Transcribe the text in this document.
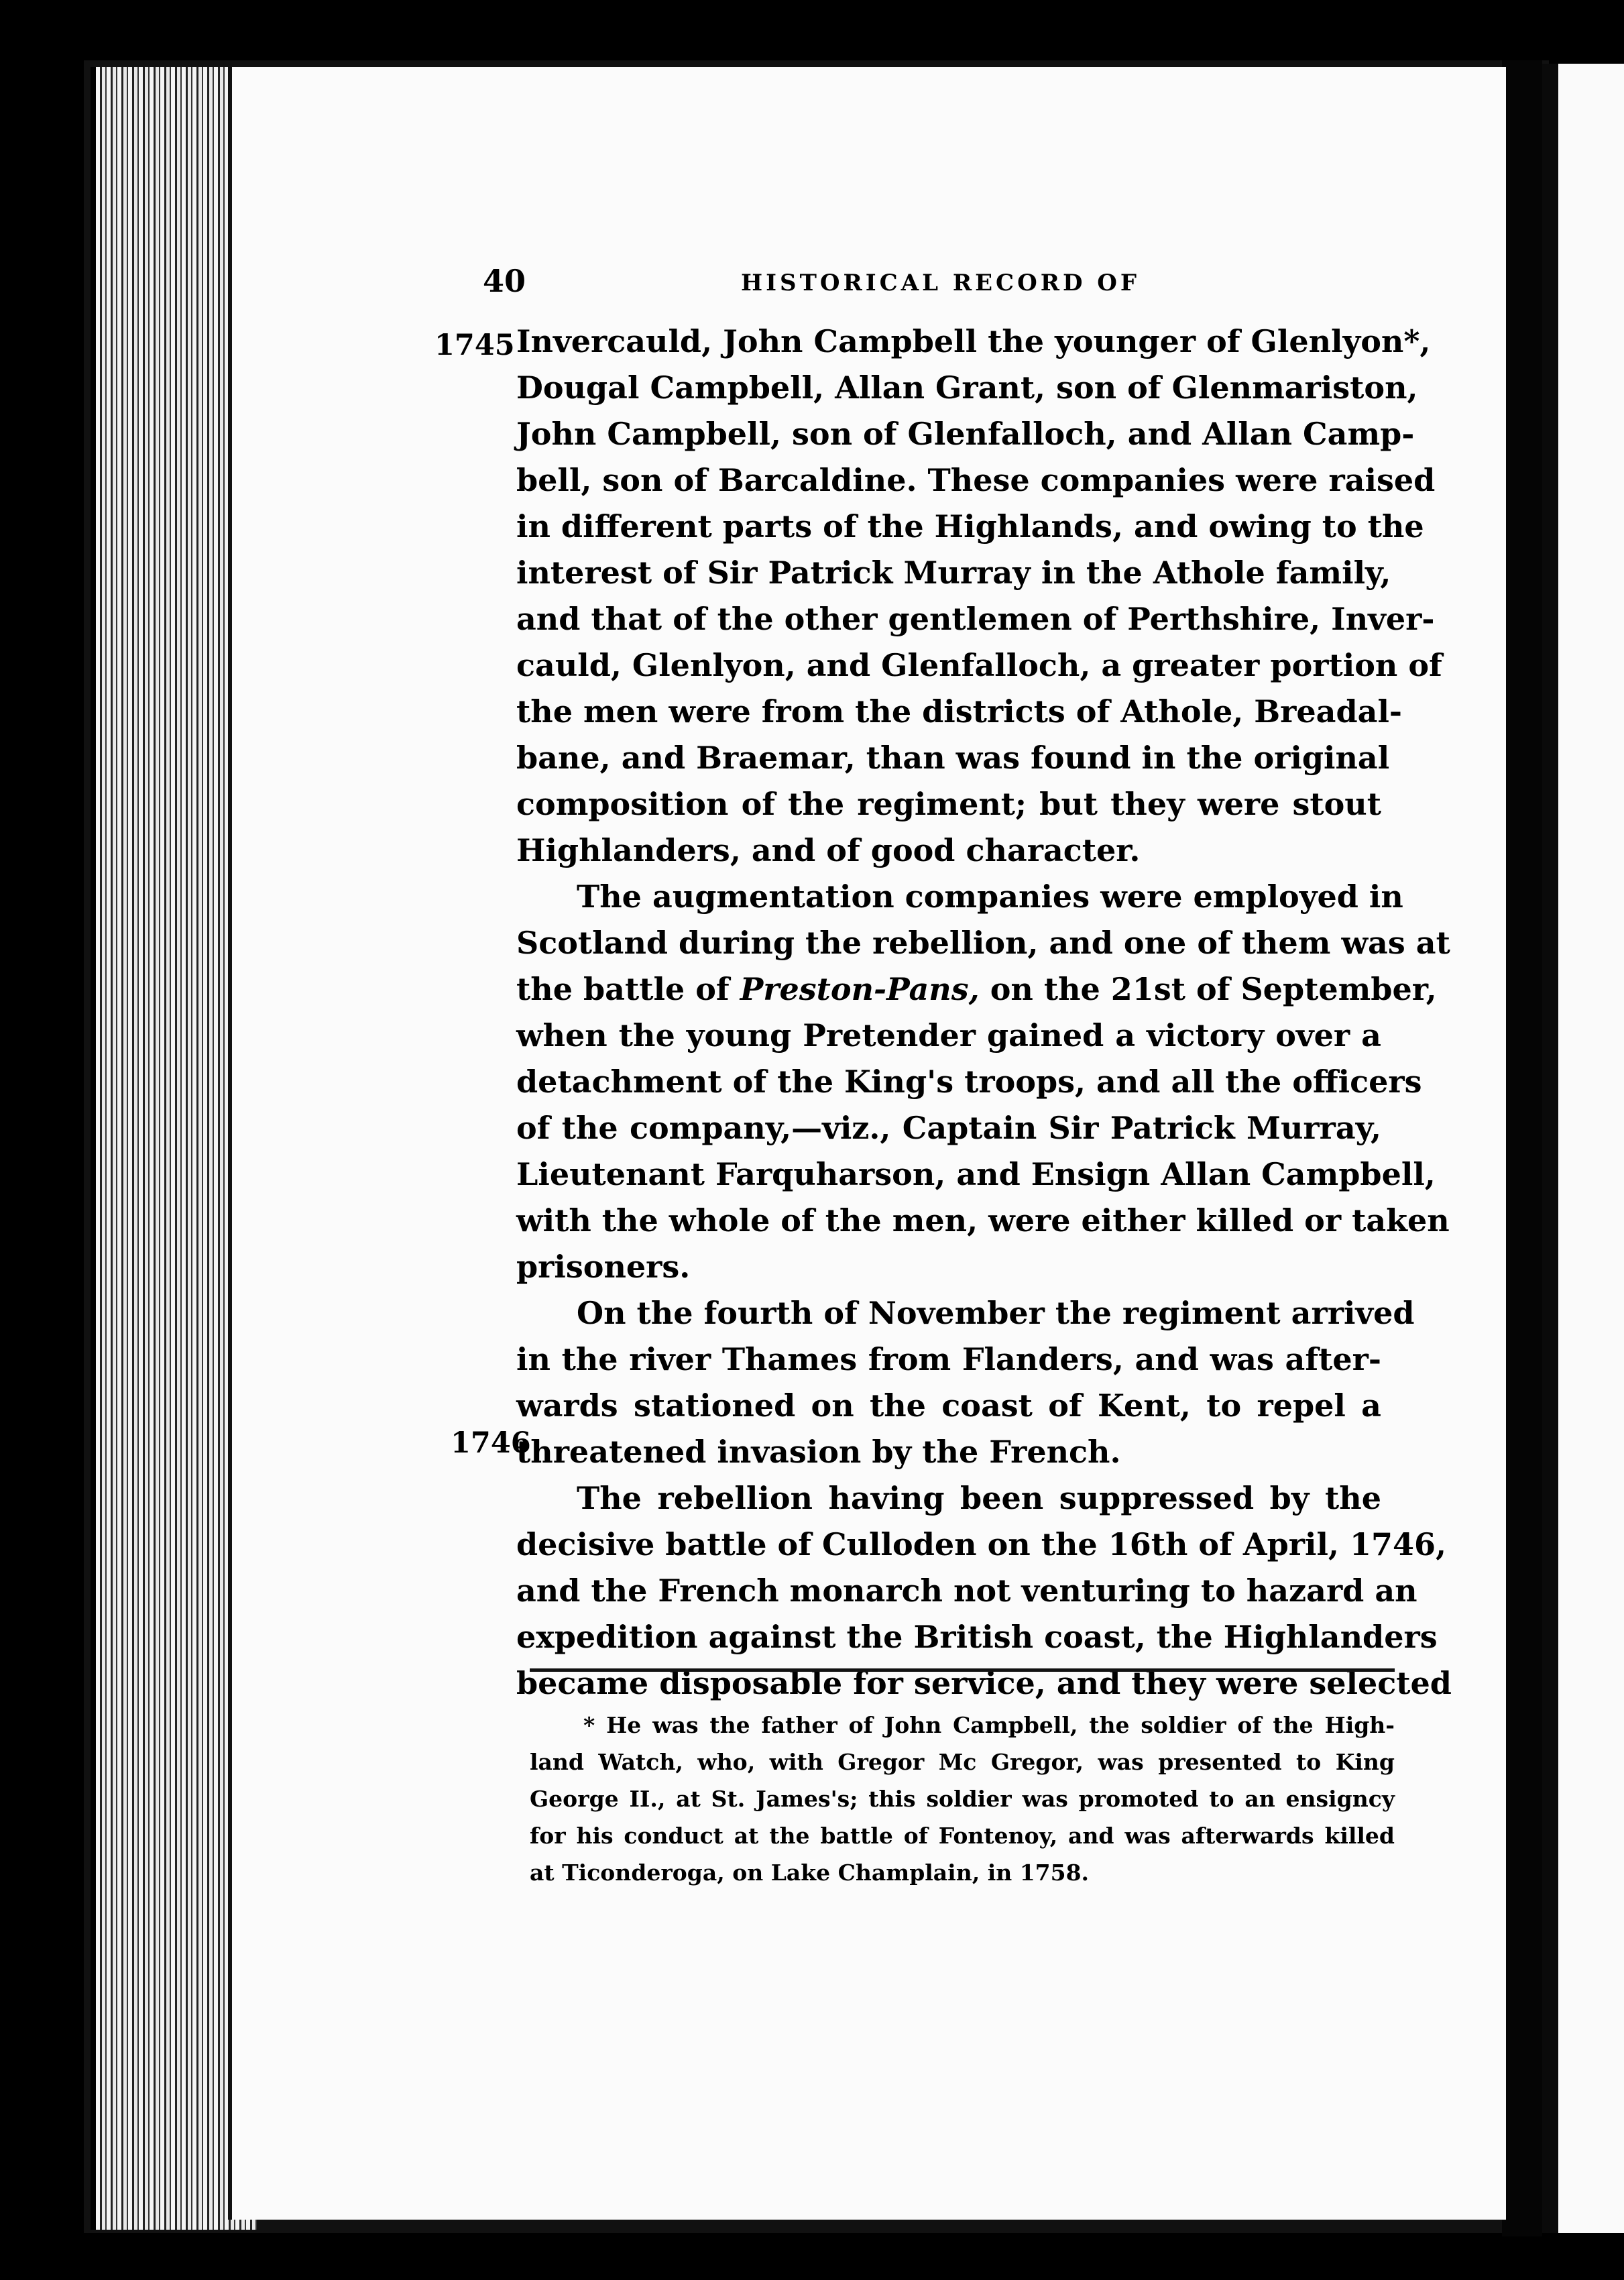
40	HISTORICAL RECORD OF
1745
1746
Invercauld, John Campbell the younger of Glenlyon*,
Dougal Campbell, Allan Grant, son of Glenmariston,
John Campbell, son of Glenfalloch, and Allan Camp-
bell, son of Barcaldine. These companies were raised
in different parts of the Highlands, and owing to the
interest of Sir Patrick Murray in the Athole family,
and that of the other gentlemen of Perthshire, Inver-
cauld, Glenlyon, and Glenfalloch, a greater portion of
the men were from the districts of Athole, Breadal-
bane, and Braemar, than was found in the original
composition of the regiment; but they were stout
Highlanders, and of good character.
The augmentation companies were employed in
Scotland during the rebellion, and one of them was at
the battle of Preston-Pans, on the 21st of September,
when the young Pretender gained a victory over a
detachment of the King's troops, and all the officers
of the company,—viz., Captain Sir Patrick Murray,
Lieutenant Farquharson, and Ensign Allan Campbell,
with the whole of the men, were either killed or taken
prisoners.
On the fourth of November the regiment arrived
in the river Thames from Flanders, and was after-
wards stationed on the coast of Kent, to repel a
threatened invasion by the French.
The rebellion having been suppressed by the
decisive battle of Culloden on the 16th of April, 1746,
and the French monarch not venturing to hazard an
expedition against the British coast, the Highlanders
became disposable for service, and they were selected
* He was the father of John Campbell, the soldier of the High-
land Watch, who, with Gregor Mc Gregor, was presented to King
George II., at St. James's; this soldier was promoted to an ensigncy
for his conduct at the battle of Fontenoy, and was afterwards killed
at Ticonderoga, on Lake Champlain, in 1758.
